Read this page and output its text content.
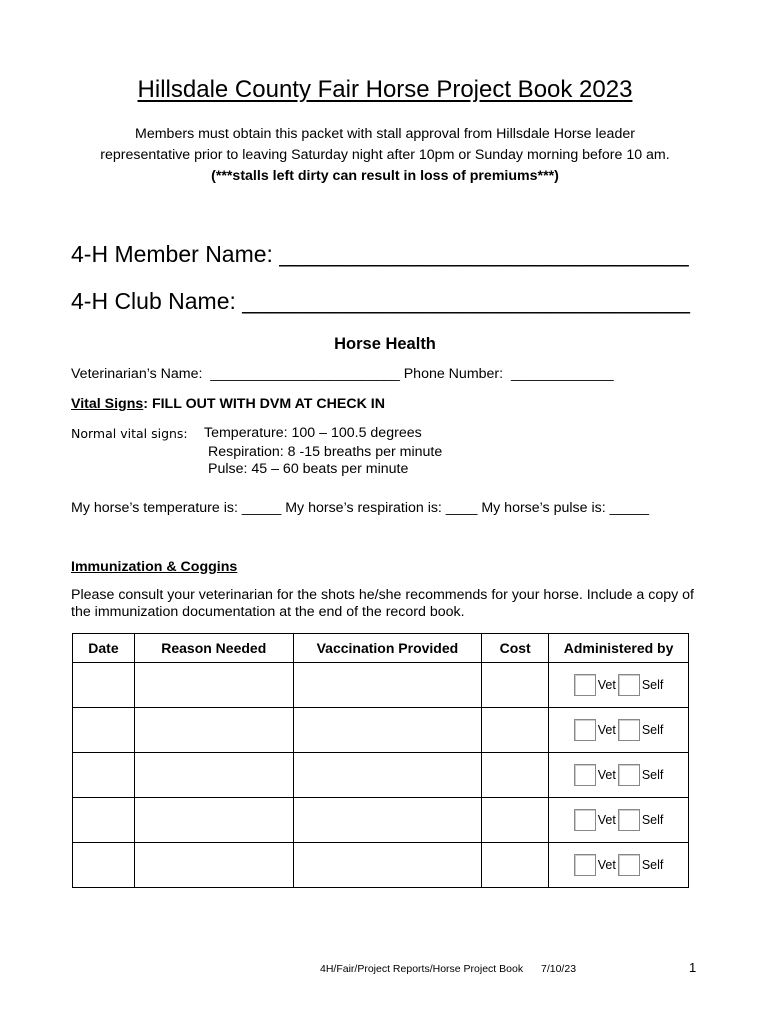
Hillsdale County Fair Horse Project Book 2023
Members must obtain this packet with stall approval from Hillsdale Horse leader
representative prior to leaving Saturday night after 10pm or Sunday morning before 10 am.
(***stalls left dirty can result in loss of premiums***)
4-H Member Name: ________________________________
4-H Club Name: ___________________________________
Horse Health
Veterinarian’s Name: ________________________ Phone Number: _____________
Vital Signs: FILL OUT WITH DVM AT CHECK IN
Normal vital signs: Temperature: 100 – 100.5 degrees
Respiration: 8 -15 breaths per minute
Pulse: 45 – 60 beats per minute
My horse’s temperature is: _____ My horse’s respiration is: ____ My horse’s pulse is: _____
Immunization & Coggins
Please consult your veterinarian for the shots he/she recommends for your horse. Include a copy of
the immunization documentation at the end of the record book.
Date	Reason Needed	Vaccination Provided	Cost	Administered by

				Vet Self

				Vet Self

				Vet Self

				Vet Self

				Vet Self
4H/Fair/Project Reports/Horse Project Book 7/10/23	1
